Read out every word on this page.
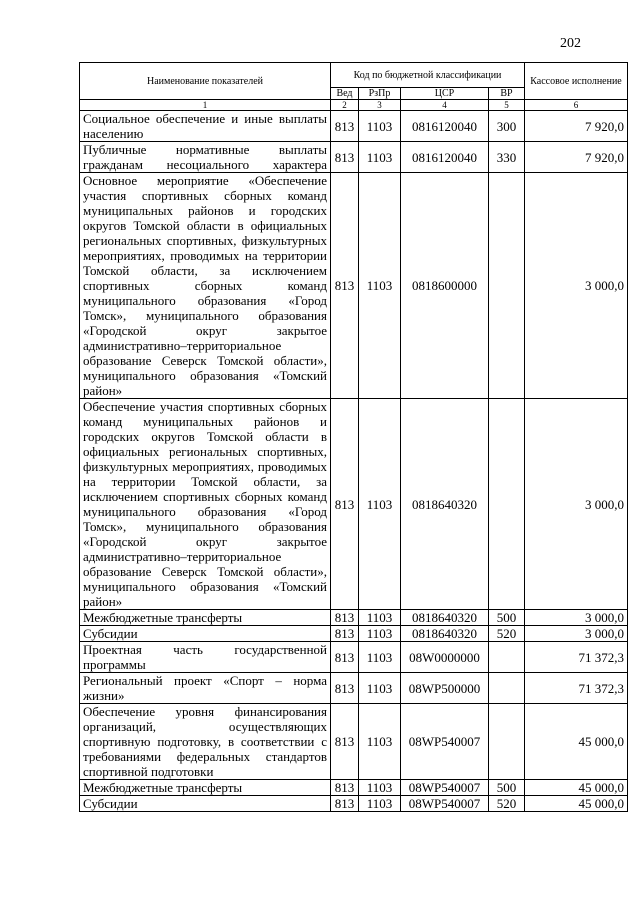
202
Наименование показателей	Код по бюджетной классификации				Кассовое исполнение
	Вед	РзПр	ЦСР	ВР	
1	2	3	4	5	6
Социальное обеспечение и иные выплаты населению	813	1103	0816120040	300	7 920,0
Публичные нормативные выплаты гражданам несоциального характера	813	1103	0816120040	330	7 920,0
Основное мероприятие «Обеспечение участия спортивных сборных команд муниципальных районов и городских округов Томской области в официальных региональных спортивных, физкультурных мероприятиях, проводимых на территории Томской области, за исключением спортивных сборных команд муниципального образования «Город Томск», муниципального образования «Городской округ закрытое административно–территориальное образование Северск Томской области», муниципального образования «Томский район»	813	1103	0818600000		3 000,0
Обеспечение участия спортивных сборных команд муниципальных районов и городских округов Томской области в официальных региональных спортивных, физкультурных мероприятиях, проводимых на территории Томской области, за исключением спортивных сборных команд муниципального образования «Город Томск», муниципального образования «Городской округ закрытое административно–территориальное образование Северск Томской области», муниципального образования «Томский район»	813	1103	0818640320		3 000,0
Межбюджетные трансферты	813	1103	0818640320	500	3 000,0
Субсидии	813	1103	0818640320	520	3 000,0
Проектная часть государственной программы	813	1103	08W0000000		71 372,3
Региональный проект «Спорт – норма жизни»	813	1103	08WP500000		71 372,3
Обеспечение уровня финансирования организаций, осуществляющих спортивную подготовку, в соответствии с требованиями федеральных стандартов спортивной подготовки	813	1103	08WP540007		45 000,0
Межбюджетные трансферты	813	1103	08WP540007	500	45 000,0
Субсидии	813	1103	08WP540007	520	45 000,0
